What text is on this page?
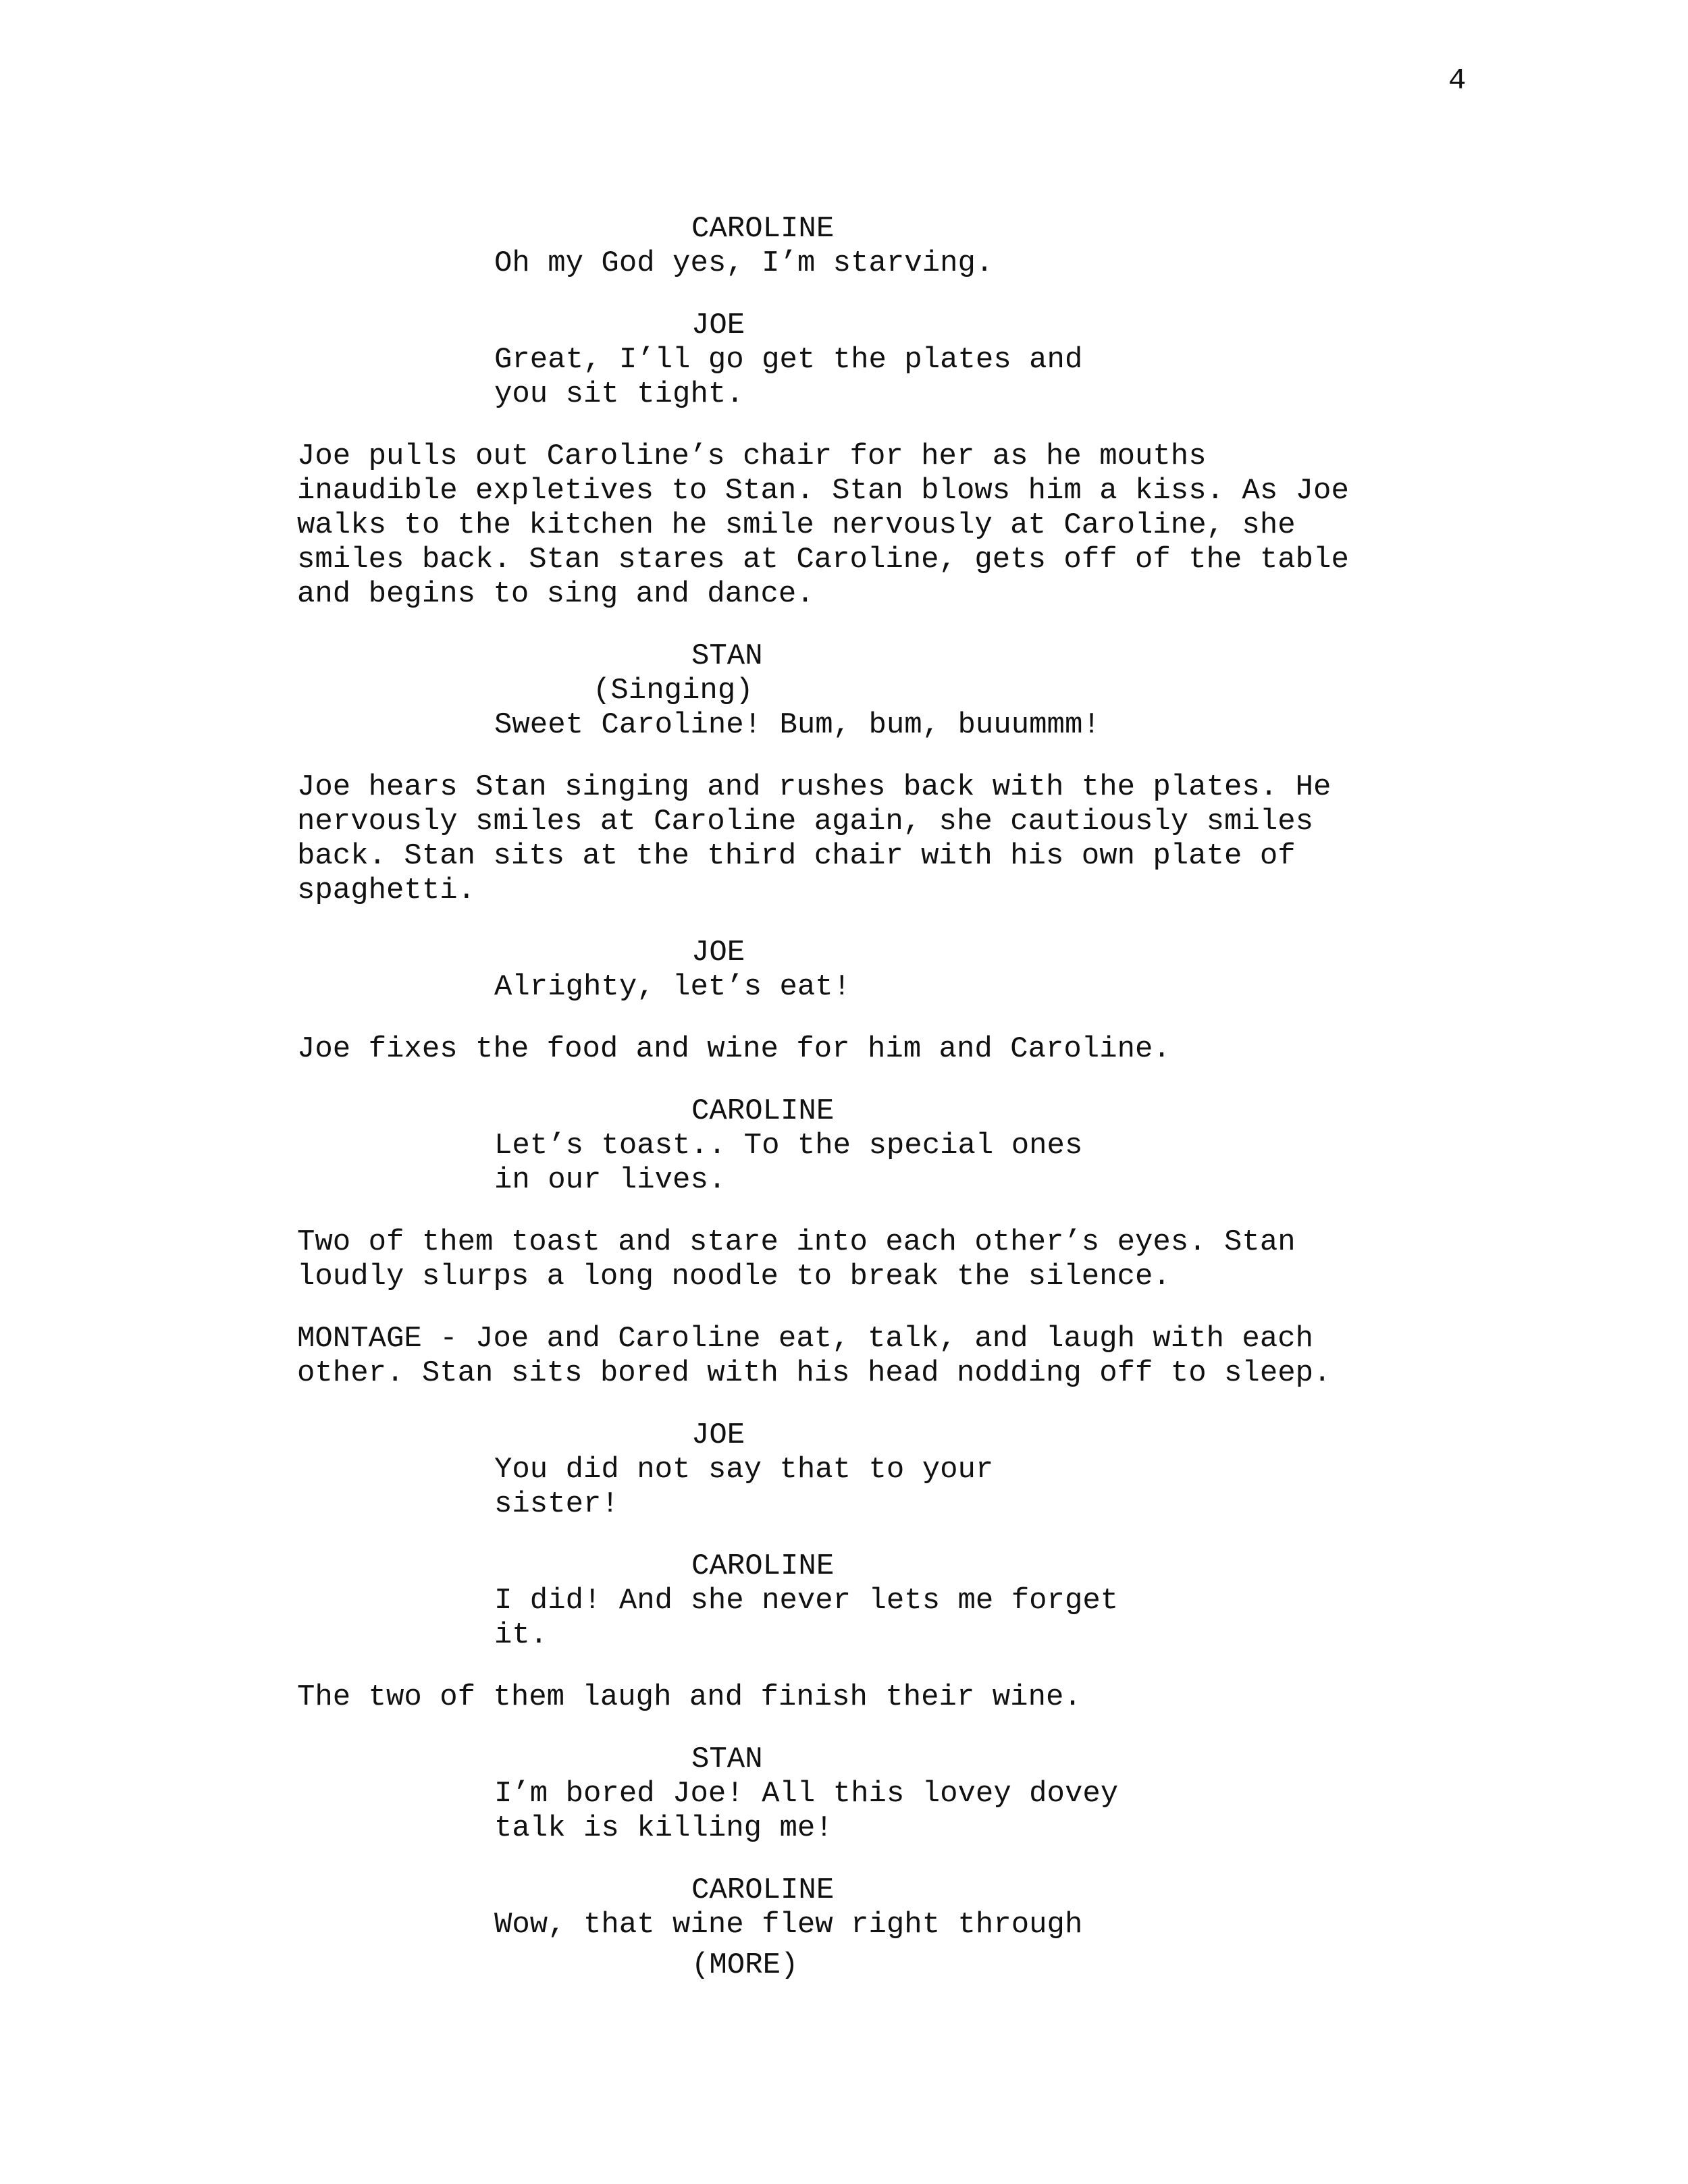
4
CAROLINE
Oh my God yes, I’m starving.
JOE
Great, I’ll go get the plates and
you sit tight.
Joe pulls out Caroline’s chair for her as he mouths
inaudible expletives to Stan. Stan blows him a kiss. As Joe
walks to the kitchen he smile nervously at Caroline, she
smiles back. Stan stares at Caroline, gets off of the table
and begins to sing and dance.
STAN
(Singing)
Sweet Caroline! Bum, bum, buuummm!
Joe hears Stan singing and rushes back with the plates. He
nervously smiles at Caroline again, she cautiously smiles
back. Stan sits at the third chair with his own plate of
spaghetti.
JOE
Alrighty, let’s eat!
Joe fixes the food and wine for him and Caroline.
CAROLINE
Let’s toast.. To the special ones
in our lives.
Two of them toast and stare into each other’s eyes. Stan
loudly slurps a long noodle to break the silence.
MONTAGE - Joe and Caroline eat, talk, and laugh with each
other. Stan sits bored with his head nodding off to sleep.
JOE
You did not say that to your
sister!
CAROLINE
I did! And she never lets me forget
it.
The two of them laugh and finish their wine.
STAN
I’m bored Joe! All this lovey dovey
talk is killing me!
CAROLINE
Wow, that wine flew right through
(MORE)
